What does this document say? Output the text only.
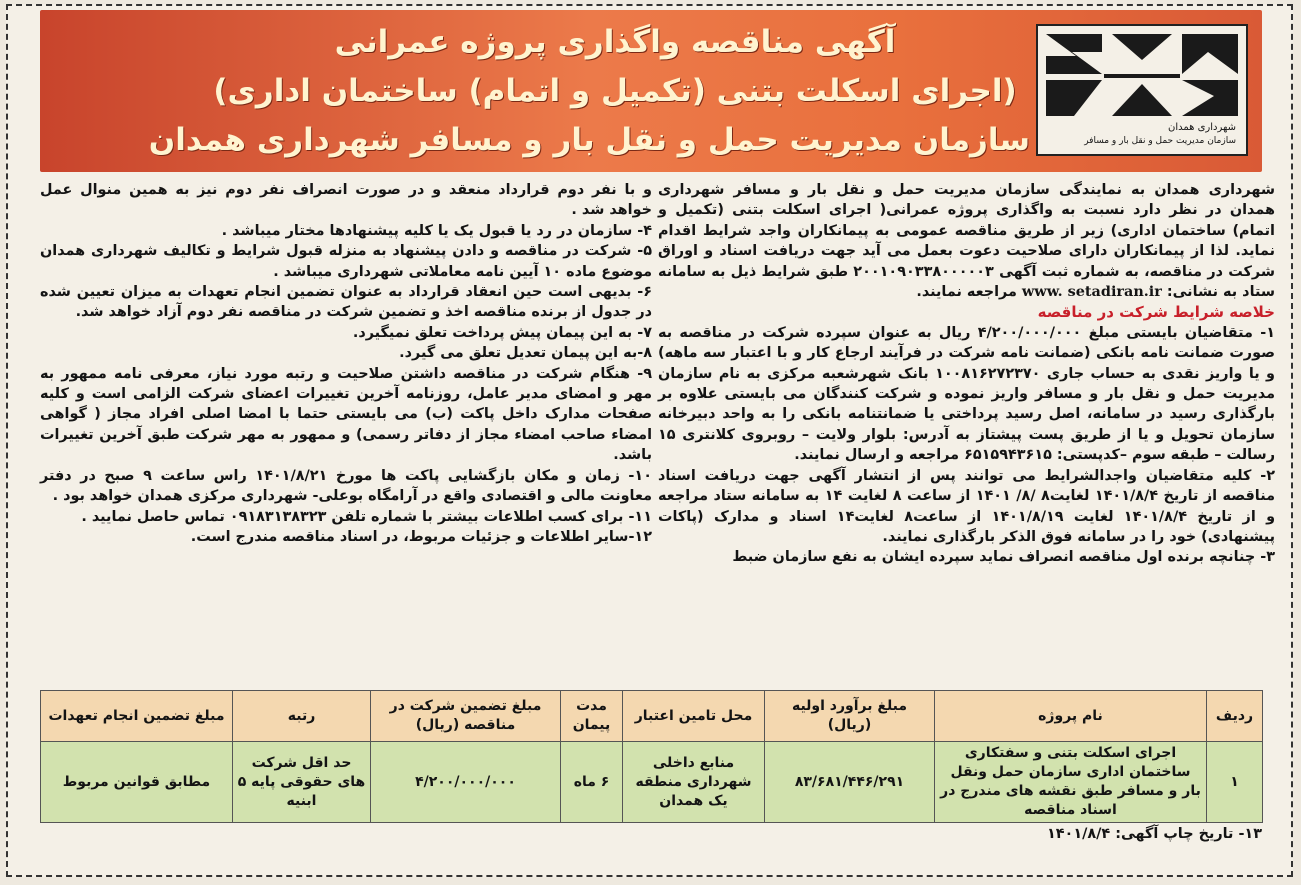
آگهی مناقصه واگذاری پروژه عمرانی
(اجرای اسکلت بتنی (تکمیل و اتمام) ساختمان اداری)
سازمان مدیریت حمل و نقل بار و مسافر شهرداری همدان	شهرداری همدان
سازمان مدیریت حمل و نقل بار و مسافر

شهرداری همدان به نمایندگی سازمان مدیریت حمل و نقل بار و مسافر شهرداری همدان در نظر دارد نسبت به واگذاری پروژه عمرانی( اجرای اسکلت بتنی (تکمیل و اتمام) ساختمان اداری) زیر از طریق مناقصه عمومی به پیمانکاران واجد شرایط اقدام نماید. لذا از پیمانکاران دارای صلاحیت دعوت بعمل می آید جهت دریافت اسناد و اوراق شرکت در مناقصه، به شماره ثبت آگهی ۲۰۰۱۰۹۰۳۳۸۰۰۰۰۰۳ طبق شرایط ذیل به سامانه ستاد به نشانی: www. setadiran.ir مراجعه نمایند.

خلاصه شرایط شرکت در مناقصه

۱- متقاضیان بایستی مبلغ ۴/۲۰۰/۰۰۰/۰۰۰ ریال به عنوان سپرده شرکت در مناقصه به صورت ضمانت نامه بانکی (ضمانت نامه شرکت در فرآیند ارجاع کار و با اعتبار سه ماهه) و یا واریز نقدی به حساب جاری ۱۰۰۸۱۶۲۷۲۳۷۰ بانک شهرشعبه مرکزی به نام سازمان مدیریت حمل و نقل بار و مسافر واریز نموده و شرکت کنندگان می بایستی علاوه بر بارگذاری رسید در سامانه، اصل رسید پرداختی یا ضمانتنامه بانکی را به واحد دبیرخانه سازمان تحویل و یا از طریق پست پیشتاز به آدرس: بلوار ولایت – روبروی کلانتری ۱۵ رسالت – طبقه سوم –کدپستی: ۶۵۱۵۹۴۳۶۱۵ مراجعه و ارسال نمایند.

۲- کلیه متقاضیان واجدالشرایط می توانند پس از انتشار آگهی جهت دریافت اسناد مناقصه از تاریخ ۱۴۰۱/۸/۴ لغایت۸ /۸/ ۱۴۰۱ از ساعت ۸ لغایت ۱۴ به سامانه ستاد مراجعه و از تاریخ ۱۴۰۱/۸/۴ لغایت ۱۴۰۱/۸/۱۹ از ساعت۸ لغایت۱۴ اسناد و مدارک (پاکات پیشنهادی) خود را در سامانه فوق الذکر بارگذاری نمایند.

۳- چنانچه برنده اول مناقصه انصراف نماید سپرده ایشان به نفع سازمان ضبط

و با نفر دوم قرارداد منعقد و در صورت انصراف نفر دوم نیز به همین منوال عمل خواهد شد .

۴- سازمان در رد یا قبول یک یا کلیه پیشنهادها مختار میباشد .

۵- شرکت در مناقصه و دادن پیشنهاد به منزله قبول شرایط و تکالیف شهرداری همدان موضوع ماده ۱۰ آیین نامه معاملاتی شهرداری میباشد .

۶- بدیهی است حین انعقاد قرارداد به عنوان تضمین انجام تعهدات به میزان تعیین شده در جدول از برنده مناقصه اخذ و تضمین شرکت در مناقصه نفر دوم آزاد خواهد شد.

۷- به این پیمان پیش پرداخت تعلق نمیگیرد.

۸-به این پیمان تعدیل تعلق می گیرد.

۹- هنگام شرکت در مناقصه داشتن صلاحیت و رتبه مورد نیاز، معرفی نامه ممهور به مهر و امضای مدیر عامل، روزنامه آخرین تغییرات اعضای شرکت الزامی است و کلیه صفحات مدارک داخل پاکت (ب) می بایستی حتما با امضا اصلی افراد مجاز ( گواهی امضاء صاحب امضاء مجاز از دفاتر رسمی) و ممهور به مهر شرکت طبق آخرین تغییرات باشد.

۱۰- زمان و مکان بازگشایی پاکت ها مورخ ۱۴۰۱/۸/۲۱ راس ساعت ۹ صبح در دفتر معاونت مالی و اقتصادی واقع در آرامگاه بوعلی- شهرداری مرکزی همدان خواهد بود .

۱۱- برای کسب اطلاعات بیشتر با شماره تلفن ۰۹۱۸۳۱۳۸۳۲۳ تماس حاصل نمایید .

۱۲-سایر اطلاعات و جزئیات مربوط، در اسناد مناقصه مندرج است.

ردیف	نام پروژه	مبلغ برآورد اولیه (ریال)	محل تامین اعتبار	مدت پیمان	مبلغ تضمین شرکت در مناقصه (ریال)	رتبه	مبلغ تضمین انجام تعهدات
۱	اجرای اسکلت بتنی و سفتکاری ساختمان اداری سازمان حمل ونقل بار و مسافر طبق نقشه های مندرج در اسناد مناقصه	۸۳/۶۸۱/۴۴۶/۲۹۱	منابع داخلی شهرداری منطقه یک همدان	۶ ماه	۴/۲۰۰/۰۰۰/۰۰۰	حد اقل شرکت های حقوقی پایه ۵ ابنیه	مطابق قوانین مربوط
۱۳- تاریخ چاپ آگهی: ۱۴۰۱/۸/۴
